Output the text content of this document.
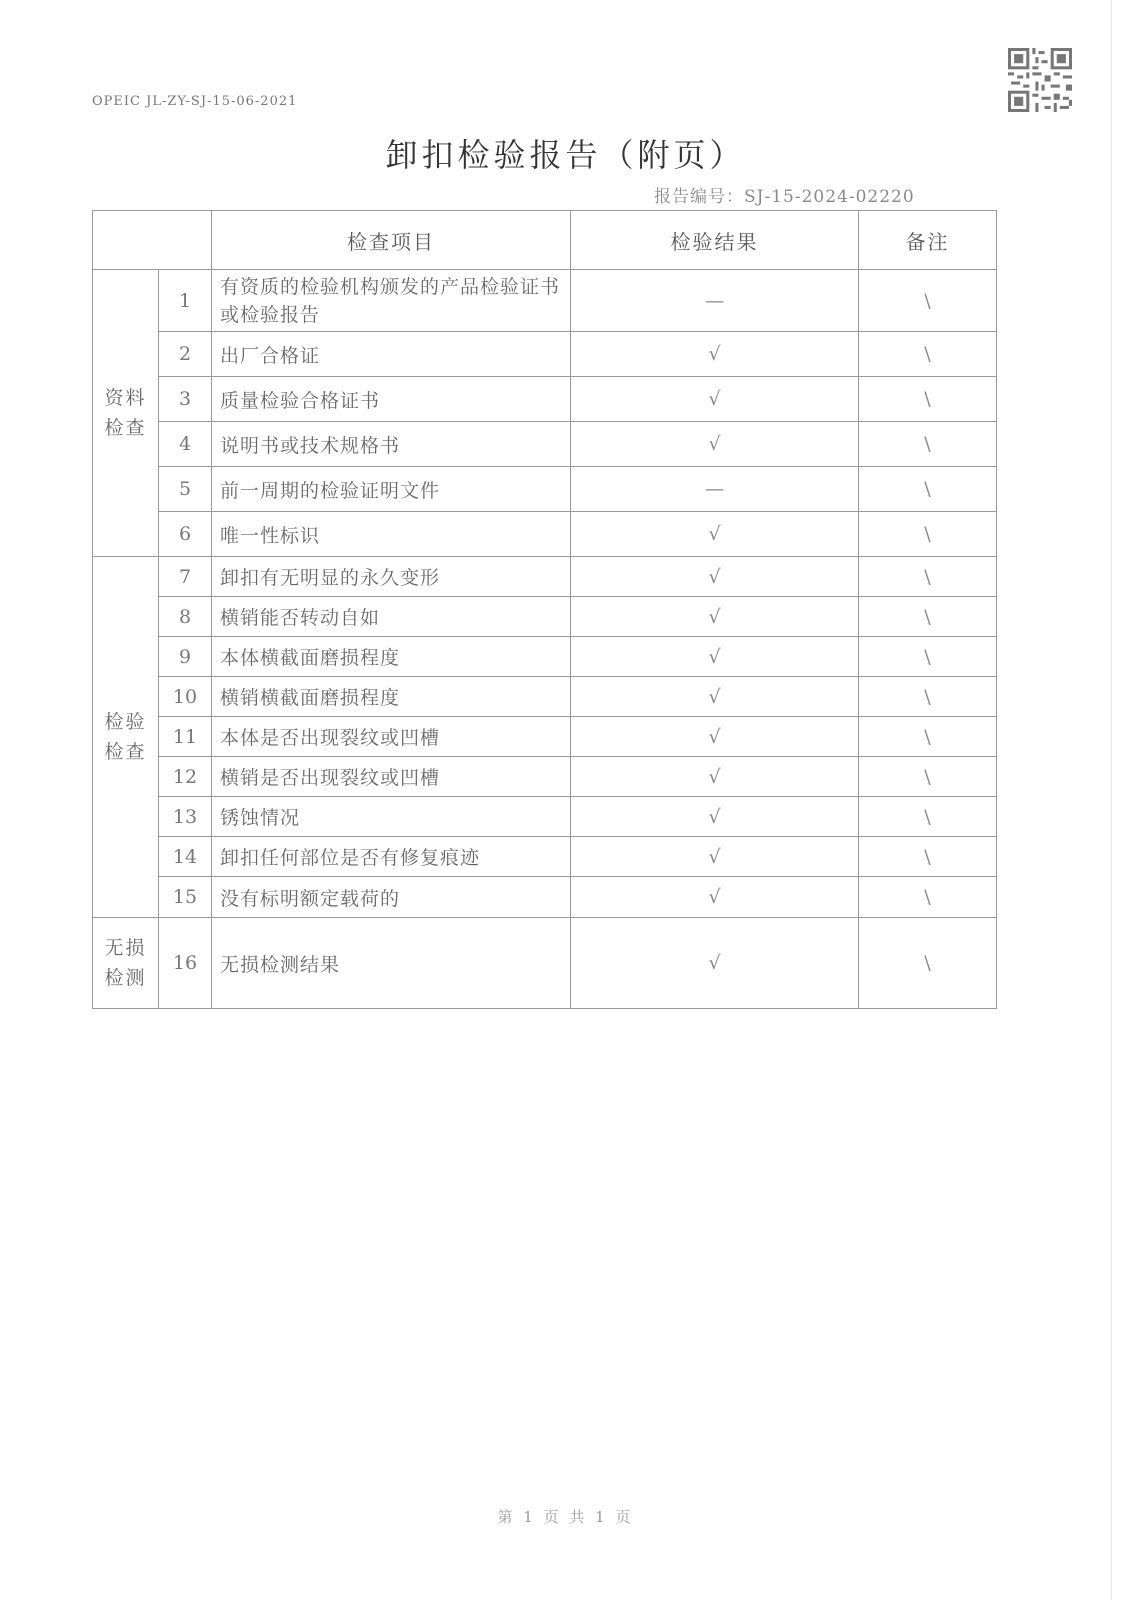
OPEIC JL-ZY-SJ-15-06-2021
卸扣检验报告（附页）
报告编号：SJ-15-2024-02220
		检查项目	检验结果	备注

资料
检查	1	有资质的检验机构颁发的产品检验证书或检验报告	—	\
	2	出厂合格证	√	\
	3	质量检验合格证书	√	\
	4	说明书或技术规格书	√	\
	5	前一周期的检验证明文件	—	\
	6	唯一性标识	√	\

检验
检查	7	卸扣有无明显的永久变形	√	\
	8	横销能否转动自如	√	\
	9	本体横截面磨损程度	√	\
	10	横销横截面磨损程度	√	\
	11	本体是否出现裂纹或凹槽	√	\
	12	横销是否出现裂纹或凹槽	√	\
	13	锈蚀情况	√	\
	14	卸扣任何部位是否有修复痕迹	√	\
	15	没有标明额定载荷的	√	\

无损
检测	16	无损检测结果	√	\
第 1 页 共 1 页
